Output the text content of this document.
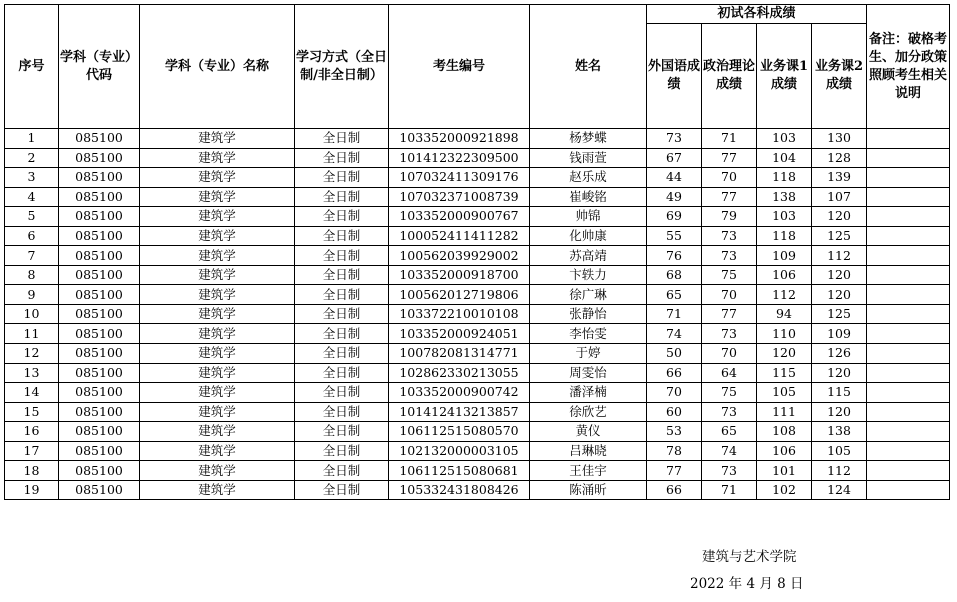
序号	学科（专业）代码	学科（专业）名称	学习方式（全日制/非全日制）	考生编号	姓名	初试各科成绩				备注：破格考生、加分政策照顾考生相关说明
						外国语成绩	政治理论成绩	业务课1成绩	业务课2成绩	
1	085100	建筑学	全日制	103352000921898	杨梦蝶	73	71	103	130	
2	085100	建筑学	全日制	101412322309500	钱雨萱	67	77	104	128	
3	085100	建筑学	全日制	107032411309176	赵乐成	44	70	118	139	
4	085100	建筑学	全日制	107032371008739	崔峻铭	49	77	138	107	
5	085100	建筑学	全日制	103352000900767	帅锦	69	79	103	120	
6	085100	建筑学	全日制	100052411411282	化帅康	55	73	118	125	
7	085100	建筑学	全日制	100562039929002	苏高靖	76	73	109	112	
8	085100	建筑学	全日制	103352000918700	卞轶力	68	75	106	120	
9	085100	建筑学	全日制	100562012719806	徐广琳	65	70	112	120	
10	085100	建筑学	全日制	103372210010108	张静怡	71	77	94	125	
11	085100	建筑学	全日制	103352000924051	李怡雯	74	73	110	109	
12	085100	建筑学	全日制	100782081314771	于婷	50	70	120	126	
13	085100	建筑学	全日制	102862330213055	周雯怡	66	64	115	120	
14	085100	建筑学	全日制	103352000900742	潘泽楠	70	75	105	115	
15	085100	建筑学	全日制	101412413213857	徐欣艺	60	73	111	120	
16	085100	建筑学	全日制	106112515080570	黄仪	53	65	108	138	
17	085100	建筑学	全日制	102132000003105	吕琳晓	78	74	106	105	
18	085100	建筑学	全日制	106112515080681	王佳宇	77	73	101	112	
19	085100	建筑学	全日制	105332431808426	陈涌昕	66	71	102	124	
建筑与艺术学院
2022 年 4 月 8 日
